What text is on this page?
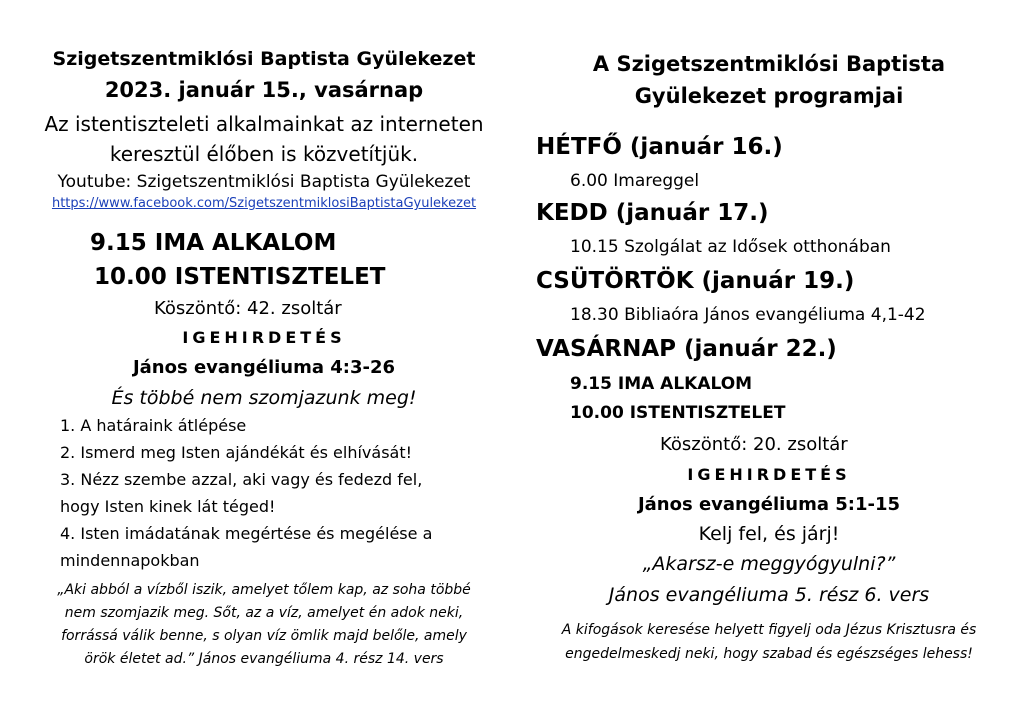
Szigetszentmiklósi Baptista Gyülekezet
2023. január 15., vasárnap
Az istentiszteleti alkalmainkat az interneten
keresztül élőben is közvetítjük.
Youtube: Szigetszentmiklósi Baptista Gyülekezet
https://www.facebook.com/SzigetszentmiklosiBaptistaGyulekezet
9.15 IMA ALKALOM
10.00 ISTENTISZTELET
Köszöntő: 42. zsoltár
IGEHIRDETÉS
János evangéliuma 4:3-26
És többé nem szomjazunk meg!
1. A határaink átlépése
2. Ismerd meg Isten ajándékát és elhívását!
3. Nézz szembe azzal, aki vagy és fedezd fel,
hogy Isten kinek lát téged!
4. Isten imádatának megértése és megélése a
mindennapokban
„Aki abból a vízből iszik, amelyet tőlem kap, az soha többé
nem szomjazik meg. Sőt, az a víz, amelyet én adok neki,
forrássá válik benne, s olyan víz ömlik majd belőle, amely
örök életet ad.” János evangéliuma 4. rész 14. vers
A Szigetszentmiklósi Baptista
Gyülekezet programjai
HÉTFŐ (január 16.)
6.00 Imareggel
KEDD (január 17.)
10.15 Szolgálat az Idősek otthonában
CSÜTÖRTÖK (január 19.)
18.30 Bibliaóra János evangéliuma 4,1-42
VASÁRNAP (január 22.)
9.15 IMA ALKALOM
10.00 ISTENTISZTELET
Köszöntő: 20. zsoltár
IGEHIRDETÉS
János evangéliuma 5:1-15
Kelj fel, és járj!
„Akarsz-e meggyógyulni?”
János evangéliuma 5. rész 6. vers
A kifogások keresése helyett figyelj oda Jézus Krisztusra és
engedelmeskedj neki, hogy szabad és egészséges lehess!
